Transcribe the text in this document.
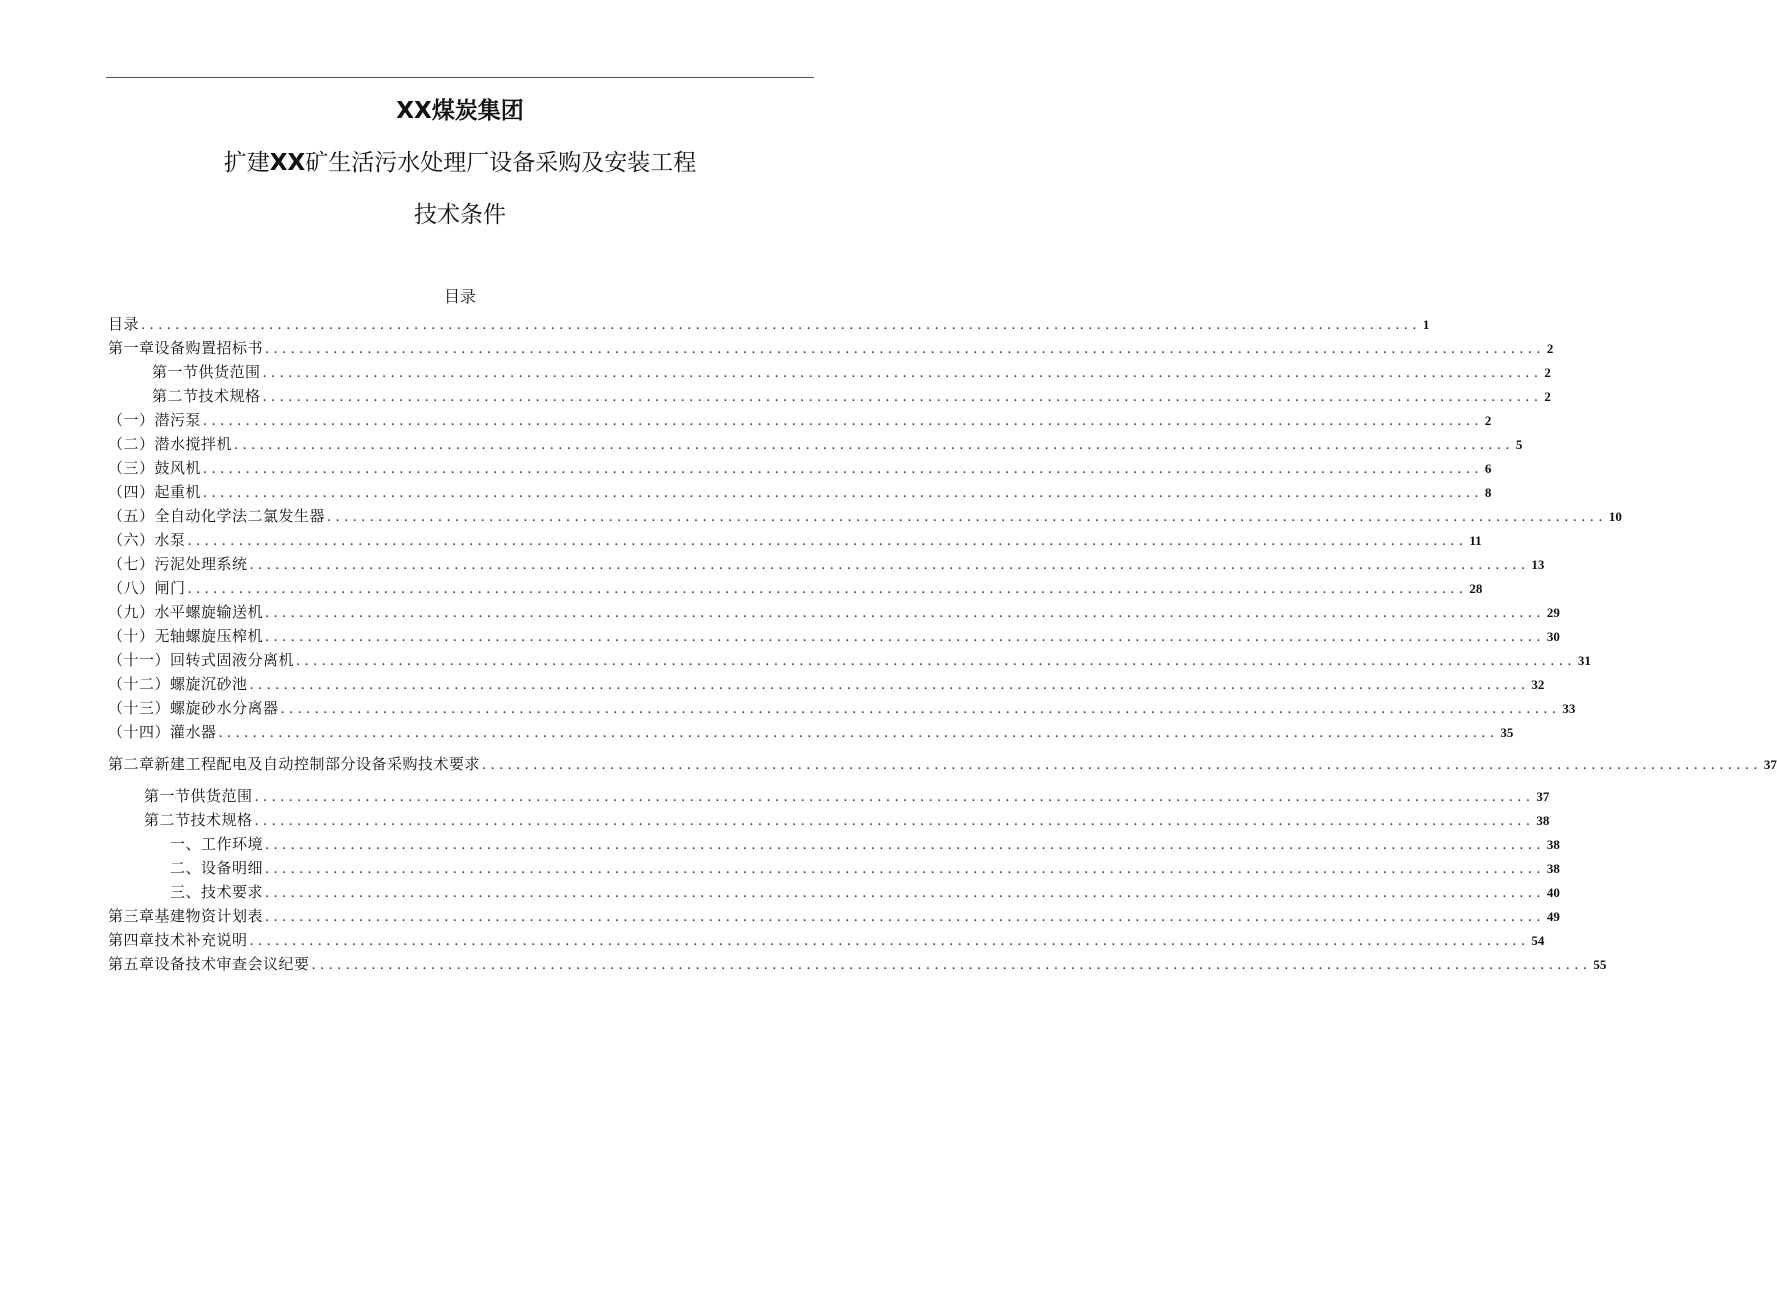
XX煤炭集团
扩建XX矿生活污水处理厂设备采购及安装工程
技术条件
目录
目录 ...................................................................................................................................................... 1
第一章设备购置招标书 ...................................................................................................................................................... 2
第一节供货范围 ...................................................................................................................................................... 2
第二节技术规格 ...................................................................................................................................................... 2
（一）潜污泵 ...................................................................................................................................................... 2
（二）潜水搅拌机 ...................................................................................................................................................... 5
（三）鼓风机 ...................................................................................................................................................... 6
（四）起重机 ...................................................................................................................................................... 8
（五）全自动化学法二氯发生器 ...................................................................................................................................................... 10
（六）水泵 ...................................................................................................................................................... 11
（七）污泥处理系统 ...................................................................................................................................................... 13
（八）闸门 ...................................................................................................................................................... 28
（九）水平螺旋输送机 ...................................................................................................................................................... 29
（十）无轴螺旋压榨机 ...................................................................................................................................................... 30
（十一）回转式固液分离机 ...................................................................................................................................................... 31
（十二）螺旋沉砂池 ...................................................................................................................................................... 32
（十三）螺旋砂水分离器 ...................................................................................................................................................... 33
（十四）灌水器 ...................................................................................................................................................... 35
第二章新建工程配电及自动控制部分设备采购技术要求 ...................................................................................................................................................... 37
第一节供货范围 ...................................................................................................................................................... 37
第二节技术规格 ...................................................................................................................................................... 38
一、工作环境 ...................................................................................................................................................... 38
二、设备明细 ...................................................................................................................................................... 38
三、技术要求 ...................................................................................................................................................... 40
第三章基建物资计划表 ...................................................................................................................................................... 49
第四章技术补充说明 ...................................................................................................................................................... 54
第五章设备技术审查会议纪要 ...................................................................................................................................................... 55
